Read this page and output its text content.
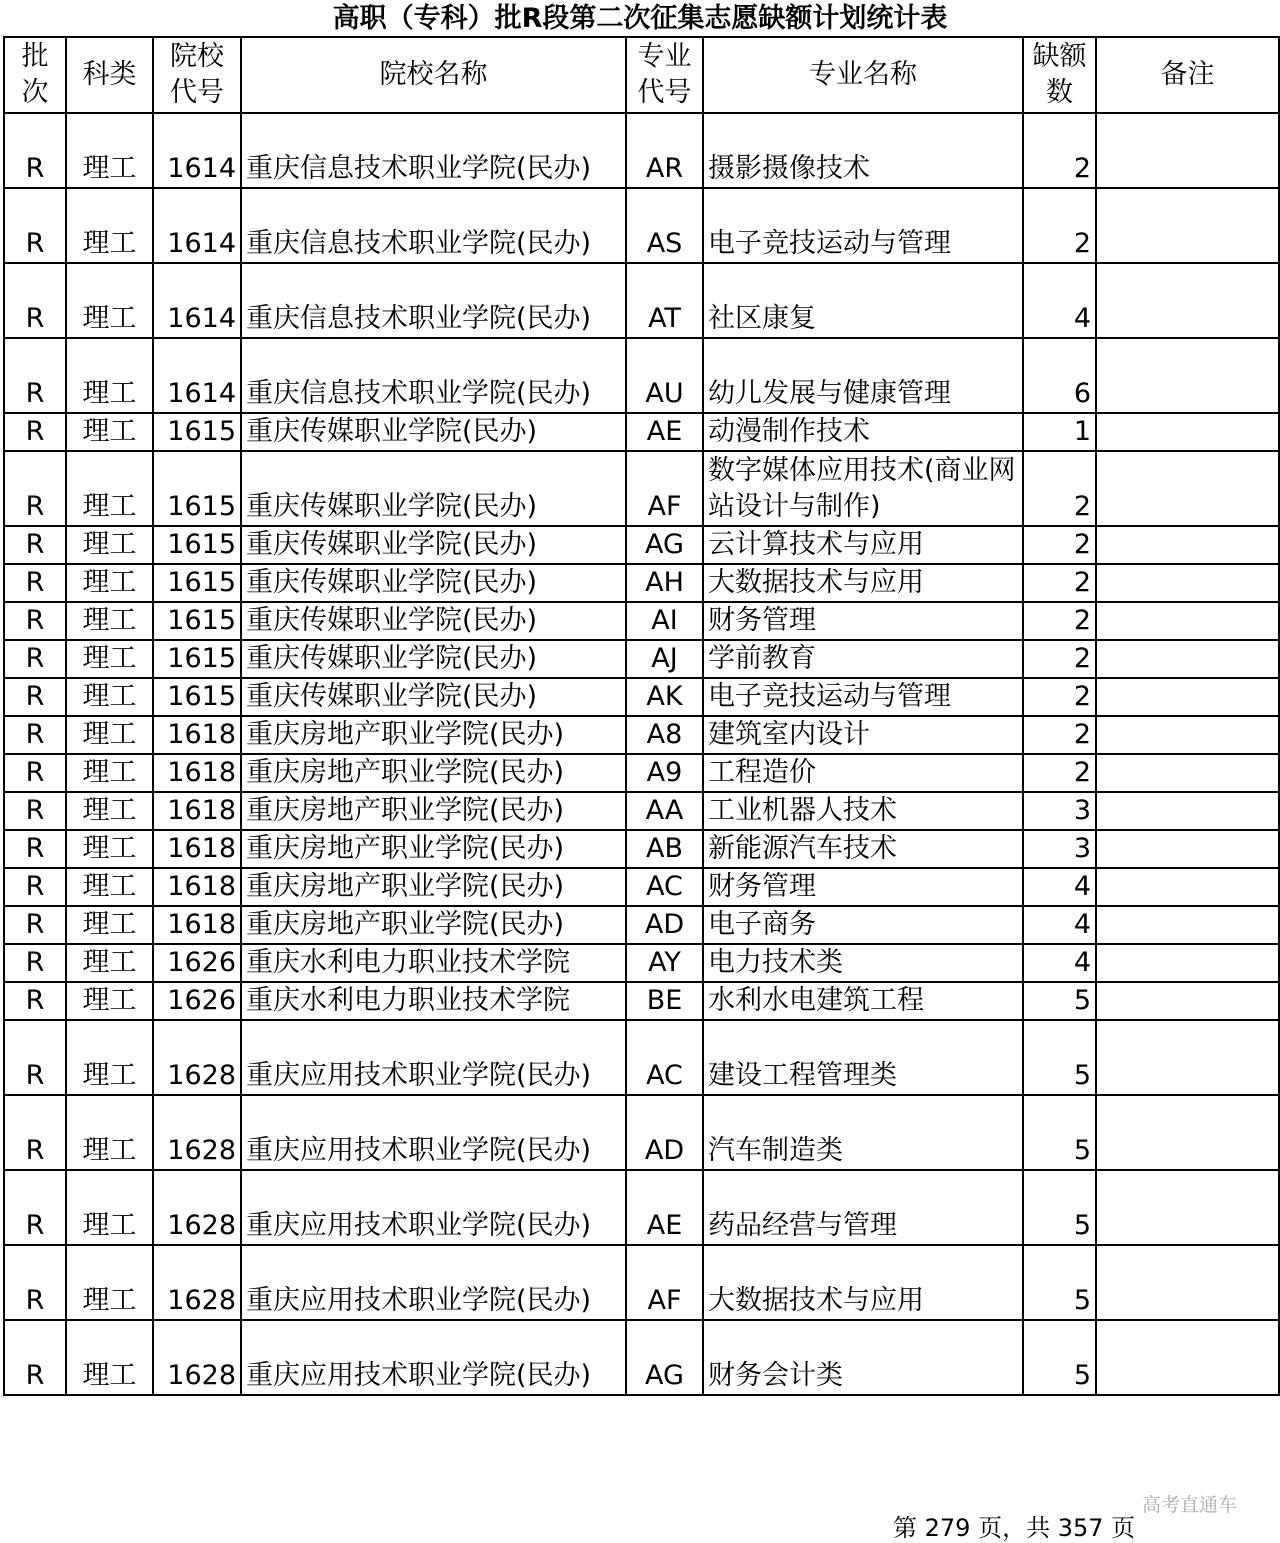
高职（专科）批R段第二次征集志愿缺额计划统计表
批次	科类	院校代号	院校名称	专业代号	专业名称	缺额数	备注
R	理工	1614	重庆信息技术职业学院(民办)	AR	摄影摄像技术	2	
R	理工	1614	重庆信息技术职业学院(民办)	AS	电子竞技运动与管理	2	
R	理工	1614	重庆信息技术职业学院(民办)	AT	社区康复	4	
R	理工	1614	重庆信息技术职业学院(民办)	AU	幼儿发展与健康管理	6	
R	理工	1615	重庆传媒职业学院(民办)	AE	动漫制作技术	1	
R	理工	1615	重庆传媒职业学院(民办)	AF	数字媒体应用技术(商业网站设计与制作)	2	
R	理工	1615	重庆传媒职业学院(民办)	AG	云计算技术与应用	2	
R	理工	1615	重庆传媒职业学院(民办)	AH	大数据技术与应用	2	
R	理工	1615	重庆传媒职业学院(民办)	AI	财务管理	2	
R	理工	1615	重庆传媒职业学院(民办)	AJ	学前教育	2	
R	理工	1615	重庆传媒职业学院(民办)	AK	电子竞技运动与管理	2	
R	理工	1618	重庆房地产职业学院(民办)	A8	建筑室内设计	2	
R	理工	1618	重庆房地产职业学院(民办)	A9	工程造价	2	
R	理工	1618	重庆房地产职业学院(民办)	AA	工业机器人技术	3	
R	理工	1618	重庆房地产职业学院(民办)	AB	新能源汽车技术	3	
R	理工	1618	重庆房地产职业学院(民办)	AC	财务管理	4	
R	理工	1618	重庆房地产职业学院(民办)	AD	电子商务	4	
R	理工	1626	重庆水利电力职业技术学院	AY	电力技术类	4	
R	理工	1626	重庆水利电力职业技术学院	BE	水利水电建筑工程	5	
R	理工	1628	重庆应用技术职业学院(民办)	AC	建设工程管理类	5	
R	理工	1628	重庆应用技术职业学院(民办)	AD	汽车制造类	5	
R	理工	1628	重庆应用技术职业学院(民办)	AE	药品经营与管理	5	
R	理工	1628	重庆应用技术职业学院(民办)	AF	大数据技术与应用	5	
R	理工	1628	重庆应用技术职业学院(民办)	AG	财务会计类	5	
高考直通车
第 279 页，共 357 页
